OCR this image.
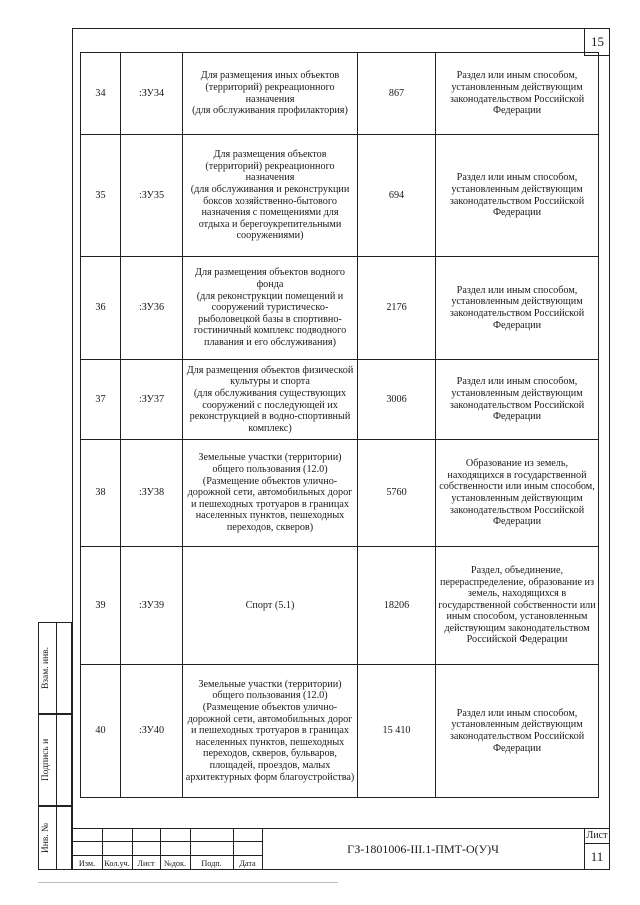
15
34	:ЗУ34	Для размещения иных объектов (территорий) рекреационного назначения
(для обслуживания профилактория)	867	Раздел или иным способом, установленным действующим законодательством Российской Федерации
35	:ЗУ35	Для размещения объектов (территорий) рекреационного назначения
(для обслуживания и реконструкции боксов хозяйственно-бытового назначения с помещениями для отдыха и берегоукрепительными сооружениями)	694	Раздел или иным способом, установленным действующим законодательством Российской Федерации
36	:ЗУ36	Для размещения объектов водного фонда
(для реконструкции помещений и сооружений туристическо-рыболовецкой базы в спортивно-гостиничный комплекс подводного плавания и его обслуживания)	2176	Раздел или иным способом, установленным действующим законодательством Российской Федерации
37	:ЗУ37	Для размещения объектов физической культуры и спорта
(для обслуживания существующих сооружений с последующей их реконструкцией в водно-спортивный комплекс)	3006	Раздел или иным способом, установленным действующим законодательством Российской Федерации
38	:ЗУ38	Земельные участки (территории) общего пользования (12.0)
(Размещение объектов улично-дорожной сети, автомобильных дорог и пешеходных тротуаров в границах населенных пунктов, пешеходных переходов, скверов)	5760	Образование из земель, находящихся в государственной собственности или иным способом, установленным действующим законодательством Российской Федерации
39	:ЗУ39	Спорт (5.1)	18206	Раздел, объединение, перераспределение, образование из земель, находящихся в государственной собственности или иным способом, установленным действующим законодательством Российской Федерации
40	:ЗУ40	Земельные участки (территории) общего пользования (12.0)
(Размещение объектов улично-дорожной сети, автомобильных дорог и пешеходных тротуаров в границах населенных пунктов, пешеходных переходов, скверов, бульваров, площадей, проездов, малых архитектурных форм благоустройства)	15 410	Раздел или иным способом, установленным действующим законодательством Российской Федерации
Взам. инв.
Подпись и
Инв. №
Изм.	Кол.уч. Лист	№док.	Подп.	Дата
ГЗ-1801006-III.1-ПМТ-О(У)Ч
Лист
11
